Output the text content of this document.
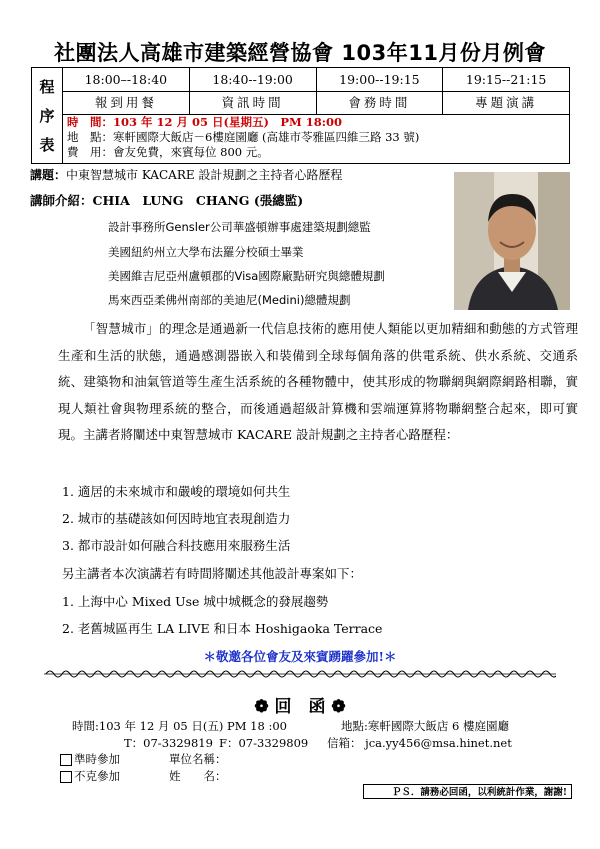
社團法人高雄市建築經營協會 103年11月份月例會
程
序
表
18:00–-18:40	18:40--19:00	19:00--19:15	19:15--21:15
報到用餐	資訊時間	會務時間	專題演講
時　間：103 年 12 月 05 日(星期五)　PM 18:00
地　點：寒軒國際大飯店－6樓庭園廳 (高雄市苓雅區四維三路 33 號)
費　用：會友免費，來賓每位 800 元。
講題：中東智慧城市 KACARE 設計規劃之主持者心路歷程
講師介紹：CHIA　LUNG　CHANG (張總監)
設計事務所Gensler公司華盛頓辦事處建築規劃總監
美國紐約州立大學布法羅分校碩士畢業
美國維吉尼亞州盧頓郡的Visa國際廠點研究與總體規劃
馬來西亞柔佛州南部的美迪尼(Medini)總體規劃

「智慧城市」的理念是通過新一代信息技術的應用使人類能以更加精細和動態的方式管理生產和生活的狀態，通過感測器嵌入和裝備到全球每個角落的供電系統、供水系統、交通系統、建築物和油氣管道等生產生活系統的各種物體中，使其形成的物聯網與網際網路相聯，實現人類社會與物理系統的整合，而後通過超級計算機和雲端運算將物聯網整合起來，即可實現。主講者將闡述中東智慧城市 KACARE 設計規劃之主持者心路歷程：

1. 適居的未來城市和嚴峻的環境如何共生
2. 城市的基礎該如何因時地宜表現創造力
3. 都市設計如何融合科技應用來服務生活
另主講者本次演講若有時間將闡述其他設計專案如下：
1. 上海中心 Mixed Use 城中城概念的發展趨勢
2. 老舊城區再生 LA LIVE 和日本 Hoshigaoka Terrace
＊敬邀各位會友及來賓踴躍參加!＊
❁ 回　函 ❁
時間:103 年 12 月 05 日(五) PM 18 :00	地點:寒軒國際大飯店 6 樓庭園廳
T：07-3329819 F：07-3329809 信箱： jca.yy456@msa.hinet.net
準時參加	單位名稱：
不克參加	姓　　名：
ＰＳ．請務必回函，以利統計作業，謝謝!
